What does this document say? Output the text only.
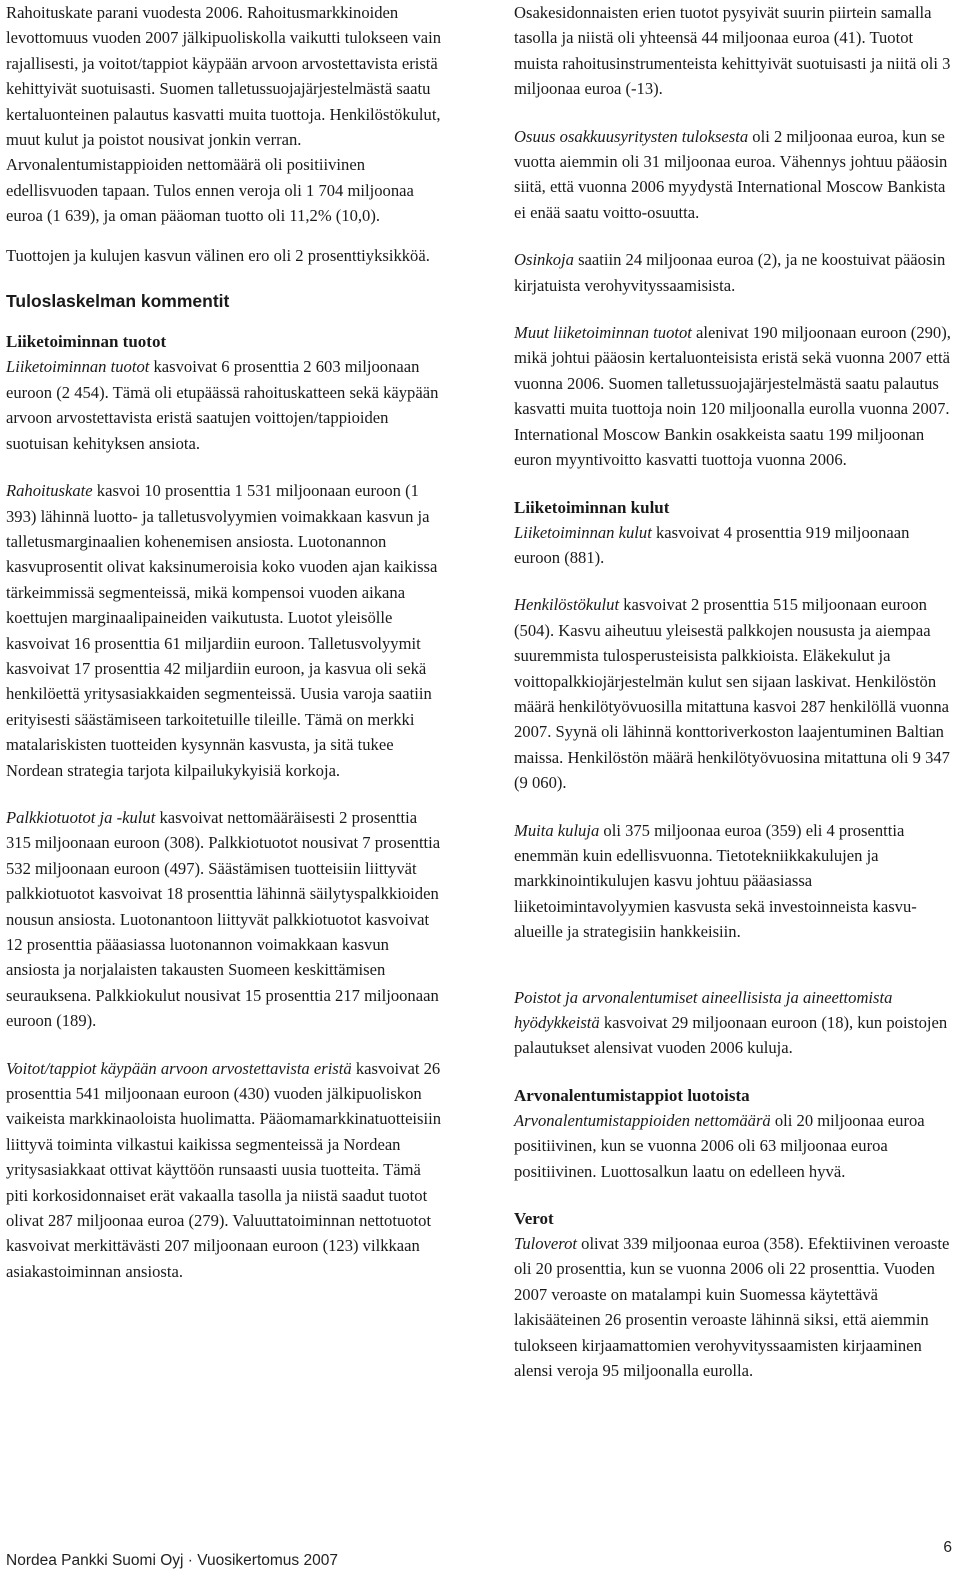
Rahoituskate parani vuodesta 2006. Rahoitusmarkkinoiden levottomuus vuoden 2007 jälkipuoliskolla vaikutti tulokseen vain rajallisesti, ja voitot/tappiot käypään arvoon arvostettavista eristä kehittyivät suotuisasti. Suomen talletussuojajärjestelmästä saatu kertaluonteinen palautus kasvatti muita tuottoja. Henkilöstökulut, muut kulut ja poistot nousivat jonkin verran. Arvonalentumistappioiden nettomäärä oli positiivinen edellisvuoden tapaan. Tulos ennen veroja oli 1 704 miljoonaa euroa (1 639), ja oman pääoman tuotto oli 11,2% (10,0).

Tuottojen ja kulujen kasvun välinen ero oli 2 prosenttiyksikköä.

Tuloslaskelman kommentit
Liiketoiminnan tuotot

Liiketoiminnan tuotot kasvoivat 6 prosenttia 2 603 miljoonaan euroon (2 454). Tämä oli etupäässä rahoituskatteen sekä käypään arvoon arvostettavista eristä saatujen voittojen/tappioiden suotuisan kehityksen ansiota.

Rahoituskate kasvoi 10 prosenttia 1 531 miljoonaan euroon (1 393) lähinnä luotto- ja talletusvolyymien voimakkaan kasvun ja talletusmarginaalien kohenemisen ansiosta. Luotonannon kasvuprosentit olivat kaksinumeroisia koko vuoden ajan kaikissa tärkeimmissä segmenteissä, mikä kompensoi vuoden aikana koettujen marginaalipaineiden vaikutusta. Luotot yleisölle kasvoivat 16 prosenttia 61 miljardiin euroon. Talletusvolyymit kasvoivat 17 prosenttia 42 miljardiin euroon, ja kasvua oli sekä henkilöettä yritysasiakkaiden segmenteissä. Uusia varoja saatiin erityisesti säästämiseen tarkoitetuille tileille. Tämä on merkki matalariskisten tuotteiden kysynnän kasvusta, ja sitä tukee Nordean strategia tarjota kilpailukykyisiä korkoja.

Palkkiotuotot ja -kulut kasvoivat nettomääräisesti 2 prosenttia 315 miljoonaan euroon (308). Palkkiotuotot nousivat 7 prosenttia 532 miljoonaan euroon (497). Säästämisen tuotteisiin liittyvät palkkiotuotot kasvoivat 18 prosenttia lähinnä säilytyspalkkioiden nousun ansiosta. Luotonantoon liittyvät palkkiotuotot kasvoivat 12 prosenttia pääasiassa luotonannon voimakkaan kasvun ansiosta ja norjalaisten takausten Suomeen keskittämisen seurauksena. Palkkiokulut nousivat 15 prosenttia 217 miljoonaan euroon (189).

Voitot/tappiot käypään arvoon arvostettavista eristä kasvoivat 26 prosenttia 541 miljoonaan euroon (430) vuoden jälkipuoliskon vaikeista markkinaoloista huolimatta. Pääomamarkkinatuotteisiin liittyvä toiminta vilkastui kaikissa segmenteissä ja Nordean yritysasiakkaat ottivat käyttöön runsaasti uusia tuotteita. Tämä piti korkosidonnaiset erät vakaalla tasolla ja niistä saadut tuotot olivat 287 miljoonaa euroa (279). Valuuttatoiminnan nettotuotot kasvoivat merkittävästi 207 miljoonaan euroon (123) vilkkaan asiakastoiminnan ansiosta.

Osakesidonnaisten erien tuotot pysyivät suurin piirtein samalla tasolla ja niistä oli yhteensä 44 miljoonaa euroa (41). Tuotot muista rahoitusinstrumenteista kehittyivät suotuisasti ja niitä oli 3 miljoonaa euroa (-13).

Osuus osakkuusyritysten tuloksesta oli 2 miljoonaa euroa, kun se vuotta aiemmin oli 31 miljoonaa euroa. Vähennys johtuu pääosin siitä, että vuonna 2006 myydystä International Moscow Bankista ei enää saatu voitto-osuutta.

Osinkoja saatiin 24 miljoonaa euroa (2), ja ne koostuivat pääosin kirjatuista verohyvityssaamisista.

Muut liiketoiminnan tuotot alenivat 190 miljoonaan euroon (290), mikä johtui pääosin kertaluonteisista eristä sekä vuonna 2007 että vuonna 2006. Suomen talletussuojajärjestelmästä saatu palautus kasvatti muita tuottoja noin 120 miljoonalla eurolla vuonna 2007. International Moscow Bankin osakkeista saatu 199 miljoonan euron myyntivoitto kasvatti tuottoja vuonna 2006.

Liiketoiminnan kulut

Liiketoiminnan kulut kasvoivat 4 prosenttia 919 miljoonaan euroon (881).

Henkilöstökulut kasvoivat 2 prosenttia 515 miljoonaan euroon (504). Kasvu aiheutuu yleisestä palkkojen noususta ja aiempaa suuremmista tulosperusteisista palkkioista. Eläkekulut ja voittopalkkiojärjestelmän kulut sen sijaan laskivat. Henkilöstön määrä henkilötyövuosilla mitattuna kasvoi 287 henkilöllä vuonna 2007. Syynä oli lähinnä konttoriverkoston laajentuminen Baltian maissa. Henkilöstön määrä henkilötyövuosina mitattuna oli 9 347 (9 060).

Muita kuluja oli 375 miljoonaa euroa (359) eli 4 prosenttia enemmän kuin edellisvuonna. Tietotekniikkakulujen ja markkinointikulujen kasvu johtuu pääasiassa liiketoimintavolyymien kasvusta sekä investoinneista kasvu-alueille ja strategisiin hankkeisiin.

Poistot ja arvonalentumiset aineellisista ja aineettomista hyödykkeistä kasvoivat 29 miljoonaan euroon (18), kun poistojen palautukset alensivat vuoden 2006 kuluja.

Arvonalentumistappiot luotoista

Arvonalentumistappioiden nettomäärä oli 20 miljoonaa euroa positiivinen, kun se vuonna 2006 oli 63 miljoonaa euroa positiivinen. Luottosalkun laatu on edelleen hyvä.

Verot

Tuloverot olivat 339 miljoonaa euroa (358). Efektiivinen veroaste oli 20 prosenttia, kun se vuonna 2006 oli 22 prosenttia. Vuoden 2007 veroaste on matalampi kuin Suomessa käytettävä lakisääteinen 26 prosentin veroaste lähinnä siksi, että aiemmin tulokseen kirjaamattomien verohyvityssaamisten kirjaaminen alensi veroja 95 miljoonalla eurolla.

Nordea Pankki Suomi Oyj · Vuosikertomus 2007
6
